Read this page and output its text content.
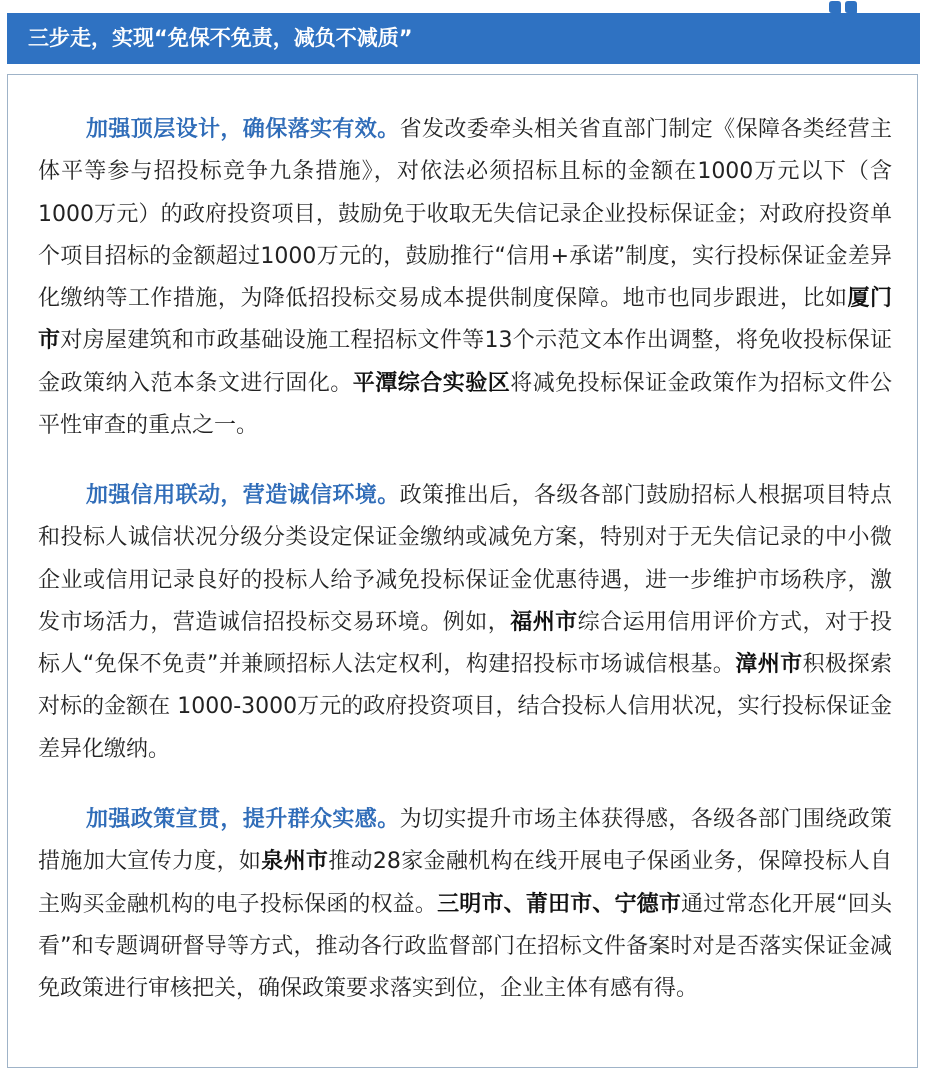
三步走，实现“免保不免责，减负不减质”

加强顶层设计，确保落实有效。省发改委牵头相关省直部门制定《保障各类经营主体平等参与招投标竞争九条措施》，对依法必须招标且标的金额在1000万元以下（含1000万元）的政府投资项目，鼓励免于收取无失信记录企业投标保证金；对政府投资单个项目招标的金额超过1000万元的，鼓励推行“信用+承诺”制度，实行投标保证金差异化缴纳等工作措施，为降低招投标交易成本提供制度保障。地市也同步跟进，比如厦门市对房屋建筑和市政基础设施工程招标文件等13个示范文本作出调整，将免收投标保证金政策纳入范本条文进行固化。平潭综合实验区将减免投标保证金政策作为招标文件公平性审查的重点之一。

加强信用联动，营造诚信环境。政策推出后，各级各部门鼓励招标人根据项目特点和投标人诚信状况分级分类设定保证金缴纳或减免方案，特别对于无失信记录的中小微企业或信用记录良好的投标人给予减免投标保证金优惠待遇，进一步维护市场秩序，激发市场活力，营造诚信招投标交易环境。例如，福州市综合运用信用评价方式，对于投标人“免保不免责”并兼顾招标人法定权利，构建招投标市场诚信根基。漳州市积极探索对标的金额在 1000-3000万元的政府投资项目，结合投标人信用状况，实行投标保证金差异化缴纳。

加强政策宣贯，提升群众实感。为切实提升市场主体获得感，各级各部门围绕政策措施加大宣传力度，如泉州市推动28家金融机构在线开展电子保函业务，保障投标人自主购买金融机构的电子投标保函的权益。三明市、莆田市、宁德市通过常态化开展“回头看”和专题调研督导等方式，推动各行政监督部门在招标文件备案时对是否落实保证金减免政策进行审核把关，确保政策要求落实到位，企业主体有感有得。
